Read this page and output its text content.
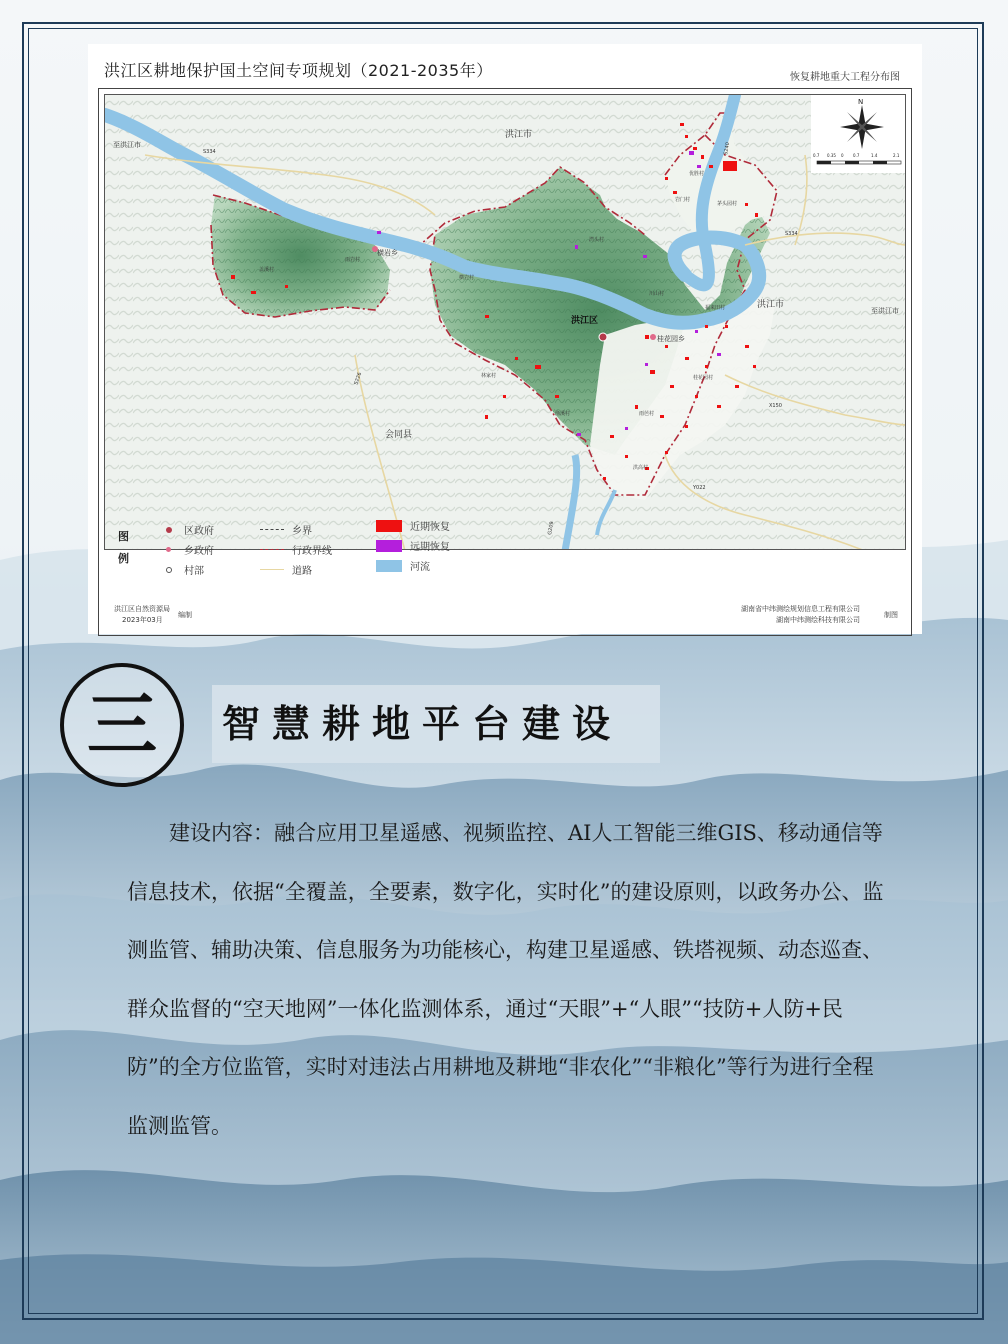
洪江区耕地保护国土空间专项规划（2021-2035年）	恢复耕地重大工程分布图
N
0.7 0.35 0 0.7	1.4	2.1
洪江市
洪江市
至洪江市
至洪江市
洪江区
会同县
横岩乡
桂花园乡
优胜村
岩门村
茅头园村
湾头村
川山村
福来田村
桂花园村
雨芭村
洪高村
渔溪村
林家村
横岩村
雨岩村
盖溪村
S334	S240
S334
X150
S226
Y022
G209
图例
区政府
乡政府
村部
乡界
行政界线
道路
近期恢复
远期恢复
河流
洪江区自然资源局
2023年03月
编制
湖南省中纬测绘规划信息工程有限公司
湖南中纬测绘科技有限公司
制图
三	智慧耕地平台建设

建设内容：融合应用卫星遥感、视频监控、AI人工智能三维GIS、移动通信等信息技术，依据“全覆盖，全要素，数字化，实时化”的建设原则，以政务办公、监测监管、辅助决策、信息服务为功能核心，构建卫星遥感、铁塔视频、动态巡查、群众监督的“空天地网”一体化监测体系，通过“天眼”+“人眼”“技防+人防+民防”的全方位监管，实时对违法占用耕地及耕地“非农化”“非粮化”等行为进行全程监测监管。
